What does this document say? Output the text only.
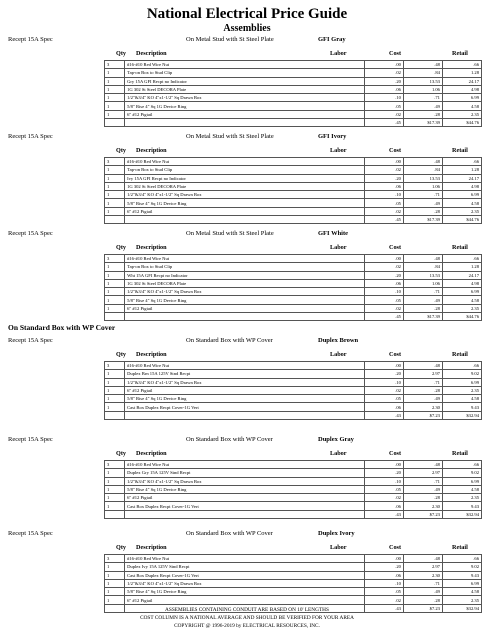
National Electrical Price Guide
Assemblies
Recept 15A Spec	On Metal Stud with St Steel Plate	GFI Gray
Qty Description	Labor	Cost	Retail
3	#16-#10 Red Wire Nut	.00	.48	.66
1	Tap-on Box to Stud Clip	.02	.84	1.28
1	Gry 15A GFI Recpt no Indicator	.20	13.53	24.17
1	1G 302 St Steel DECORA Plate	.06	1.06	4.98
1	1/2"&3/4" KO 4"x1-1/2" Sq Drawn Box	.10	.71	6.99
1	5/8" Rise 4" Sq 1G Device Ring	.05	.49	4.58
1	6" #12 Pigtail	.02	.28	2.35
		.45	$17.39	$44.76
Recept 15A Spec	On Metal Stud with St Steel Plate	GFI Ivory
Qty Description	Labor	Cost	Retail
3	#16-#10 Red Wire Nut	.00	.48	.66
1	Tap-on Box to Stud Clip	.02	.84	1.28
1	Ivy 15A GFI Recpt no Indicator	.20	13.53	24.17
1	1G 302 St Steel DECORA Plate	.06	1.06	4.98
1	1/2"&3/4" KO 4"x1-1/2" Sq Drawn Box	.10	.71	6.99
1	5/8" Rise 4" Sq 1G Device Ring	.05	.49	4.58
1	6" #12 Pigtail	.02	.28	2.35
		.45	$17.39	$44.76
Recept 15A Spec	On Metal Stud with St Steel Plate	GFI White
Qty Description	Labor	Cost	Retail
3	#16-#10 Red Wire Nut	.00	.48	.66
1	Tap-on Box to Stud Clip	.02	.84	1.28
1	Wht 15A GFI Recpt no Indicator	.20	13.53	24.17
1	1G 302 St Steel DECORA Plate	.06	1.06	4.98
1	1/2"&3/4" KO 4"x1-1/2" Sq Drawn Box	.10	.71	6.99
1	5/8" Rise 4" Sq 1G Device Ring	.05	.49	4.58
1	6" #12 Pigtail	.02	.28	2.35
		.45	$17.39	$44.76
On Standard Box with WP Cover
Recept 15A Spec	On Standard Box with WP Cover	Duplex Brown
Qty Description	Labor	Cost	Retail
3	#16-#10 Red Wire Nut	.00	.48	.66
1	Duplex Brn 15A 125V Stnd Recpt	.20	2.97	9.02
1	1/2"&3/4" KO 4"x1-1/2" Sq Drawn Box	.10	.71	6.99
1	6" #12 Pigtail	.02	.28	2.35
1	5/8" Rise 4" Sq 1G Device Ring	.05	.49	4.58
1	Cast Box Duplex Recpt Cover-1G Vert	.06	2.30	9.43
		.43	$7.23	$32.94
Recept 15A Spec	On Standard Box with WP Cover	Duplex Gray
Qty Description	Labor	Cost	Retail
3	#16-#10 Red Wire Nut	.00	.48	.66
1	Duplex Gry 15A 125V Stnd Recpt	.20	2.97	9.02
1	1/2"&3/4" KO 4"x1-1/2" Sq Drawn Box	.10	.71	6.99
1	5/8" Rise 4" Sq 1G Device Ring	.05	.49	4.58
1	6" #12 Pigtail	.02	.28	2.35
1	Cast Box Duplex Recpt Cover-1G Vert	.06	2.30	9.43
		.43	$7.23	$32.94
Recept 15A Spec	On Standard Box with WP Cover	Duplex Ivory
Qty Description	Labor	Cost	Retail
3	#16-#10 Red Wire Nut	.00	.48	.66
1	Duplex Ivy 15A 125V Stnd Recpt	.20	2.97	9.02
1	Cast Box Duplex Recpt Cover-1G Vert	.06	2.30	9.43
1	1/2"&3/4" KO 4"x1-1/2" Sq Drawn Box	.10	.71	6.99
1	5/8" Rise 4" Sq 1G Device Ring	.05	.49	4.58
1	6" #12 Pigtail	.02	.28	2.35
		.43	$7.23	$32.94
ASSEMBLIES CONTAINING CONDUIT ARE BASED ON 10' LENGTHS
COST COLUMN IS A NATIONAL AVERAGE AND SHOULD BE VERIFIED FOR YOUR AREA
COPYRIGHT @ 1996-2019 by ELECTRICAL RESOURCES, INC.
